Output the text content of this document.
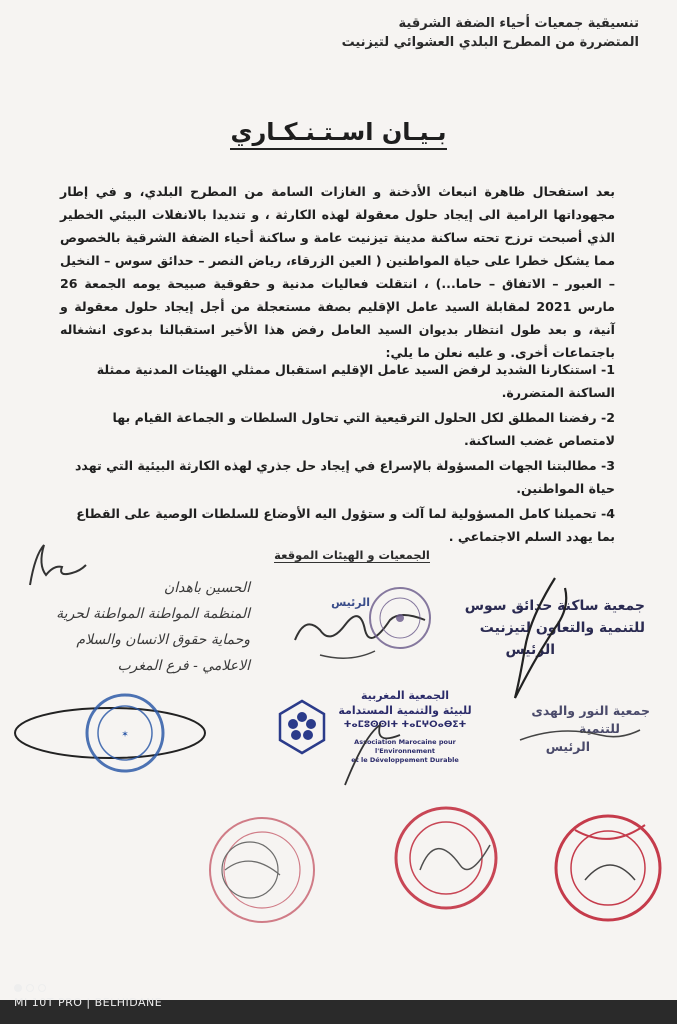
تنسيقية جمعيات أحياء الضفة الشرقية
المتضررة من المطرح البلدي العشوائي لتيزنيت
بـيـان اسـتـنـكـاري
بعد استفحال ظاهرة انبعاث الأدخنة و الغازات السامة من المطرح البلدي، و في إطار مجهوداتها الرامية الى إيجاد حلول معقولة لهذه الكارثة ، و تنديدا بالانفلات البيئي الخطير الذي أصبحت ترزح تحته ساكنة مدينة تيزنيت عامة و ساكنة أحياء الضفة الشرقية بالخصوص مما يشكل خطرا على حياة المواطنين ( العين الزرقاء، رياض النصر – حدائق سوس – النخيل – العبور – الاتفاق – حاما...) ، انتقلت فعاليات مدنية و حقوقية صبيحة يومه الجمعة 26 مارس 2021 لمقابلة السيد عامل الإقليم بصفة مستعجلة من أجل إيجاد حلول معقولة و آنية، و بعد طول انتظار بديوان السيد العامل رفض هذا الأخير استقبالنا بدعوى انشغاله باجتماعات أخرى. و عليه نعلن ما يلي:
1- استنكارنا الشديد لرفض السيد عامل الإقليم استقبال ممثلي الهيئات المدنية ممثلة الساكنة المتضررة.
2- رفضنا المطلق لكل الحلول الترقيعية التي تحاول السلطات و الجماعة القيام بها لامتصاص غضب الساكنة.
3- مطالبتنا الجهات المسؤولة بالإسراع في إيجاد حل جذري لهذه الكارثة البيئية التي تهدد حياة المواطنين.
4- تحميلنا كامل المسؤولية لما آلت و ستؤول اليه الأوضاع للسلطات الوصية على القطاع بما يهدد السلم الاجتماعي .
الجمعيات و الهيئات الموقعة
الحسين باهدان
المنظمة المواطنة المواطنة لحرية
وحماية حقوق الانسان والسلام
الاعلامي - فرع المغرب
جمعية ساكنة حدائق سوس
للتنمية والتعاون لتيزنيت
الرئيس
جمعية النور والهدى
للتنمية
الرئيس
الرئيس
الجمعية المغربية
للبيئة والتنمية المستدامة
ⵜⴰⵎⵓⵙⵙⵏⵜ ⵜⴰⵎⵖⵔⴰⴱⵉⵜ
Association Marocaine pour l'Environnement
et le Développement Durable
✶
MI 10T PRO | BELHIDANE
